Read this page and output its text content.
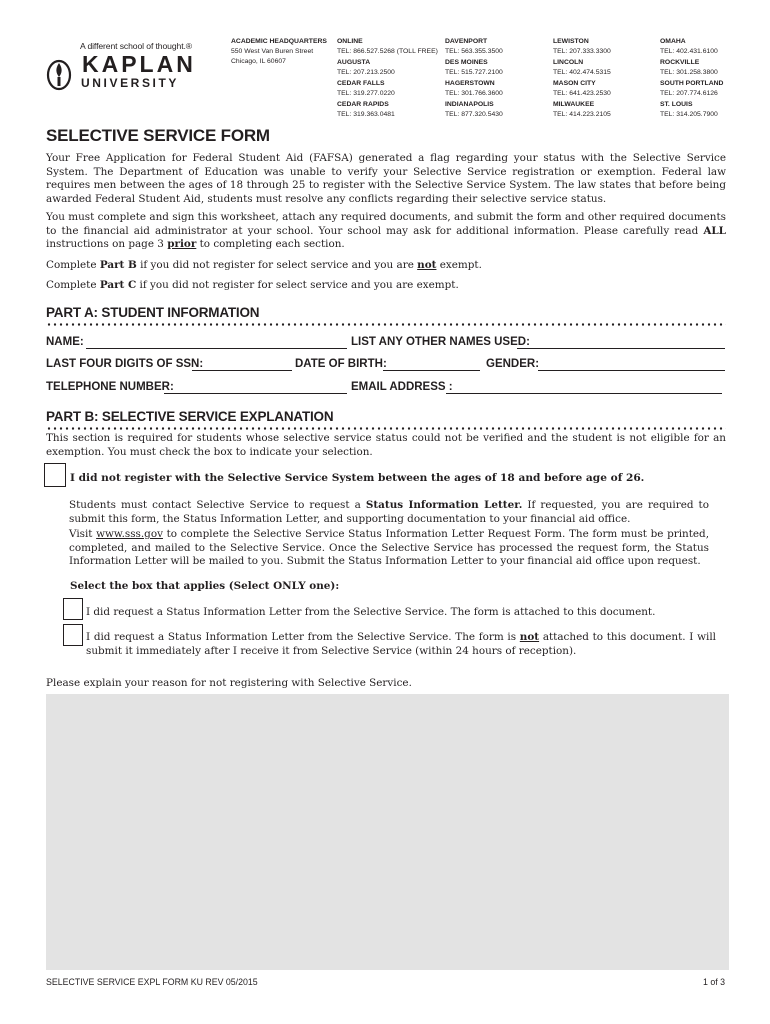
A different school of thought.®
KAPLAN
UNIVERSITY
ACADEMIC HEADQUARTERS
550 West Van Buren Street
Chicago, IL 60607
ONLINE
TEL: 866.527.5268 (TOLL FREE)
AUGUSTA
TEL: 207.213.2500
CEDAR FALLS
TEL: 319.277.0220
CEDAR RAPIDS
TEL: 319.363.0481
DAVENPORT
TEL: 563.355.3500
DES MOINES
TEL: 515.727.2100
HAGERSTOWN
TEL: 301.766.3600
INDIANAPOLIS
TEL: 877.320.5430
LEWISTON
TEL: 207.333.3300
LINCOLN
TEL: 402.474.5315
MASON CITY
TEL: 641.423.2530
MILWAUKEE
TEL: 414.223.2105
OMAHA
TEL: 402.431.6100
ROCKVILLE
TEL: 301.258.3800
SOUTH PORTLAND
TEL: 207.774.6126
ST. LOUIS
TEL: 314.205.7900
SELECTIVE SERVICE FORM
Your Free Application for Federal Student Aid (FAFSA) generated a flag regarding your status with the Selective Service System. The Department of Education was unable to verify your Selective Service registration or exemption. Federal law requires men between the ages of 18 through 25 to register with the Selective Service System. The law states that before being awarded Federal Student Aid, students must resolve any conflicts regarding their selective service status.
You must complete and sign this worksheet, attach any required documents, and submit the form and other required documents to the financial aid administrator at your school. Your school may ask for additional information. Please carefully read ALL instructions on page 3 prior to completing each section.
Complete Part B if you did not register for select service and you are not exempt.
Complete Part C if you did not register for select service and you are exempt.
PART A: STUDENT INFORMATION
NAME:	LIST ANY OTHER NAMES USED:
LAST FOUR DIGITS OF SSN:	DATE OF BIRTH:	GENDER:
TELEPHONE NUMBER:	EMAIL ADDRESS :
PART B: SELECTIVE SERVICE EXPLANATION
This section is required for students whose selective service status could not be verified and the student is not eligible for an exemption. You must check the box to indicate your selection.
I did not register with the Selective Service System between the ages of 18 and before age of 26.
Students must contact Selective Service to request a Status Information Letter. If requested, you are required to submit this form, the Status Information Letter, and supporting documentation to your financial aid office.
Visit www.sss.gov to complete the Selective Service Status Information Letter Request Form. The form must be printed, completed, and mailed to the Selective Service. Once the Selective Service has processed the request form, the Status Information Letter will be mailed to you. Submit the Status Information Letter to your financial aid office upon request.
Select the box that applies (Select ONLY one):
I did request a Status Information Letter from the Selective Service. The form is attached to this document.
I did request a Status Information Letter from the Selective Service. The form is not attached to this document. I will submit it immediately after I receive it from Selective Service (within 24 hours of reception).
Please explain your reason for not registering with Selective Service.
SELECTIVE SERVICE EXPL FORM KU REV 05/2015	1 of 3
